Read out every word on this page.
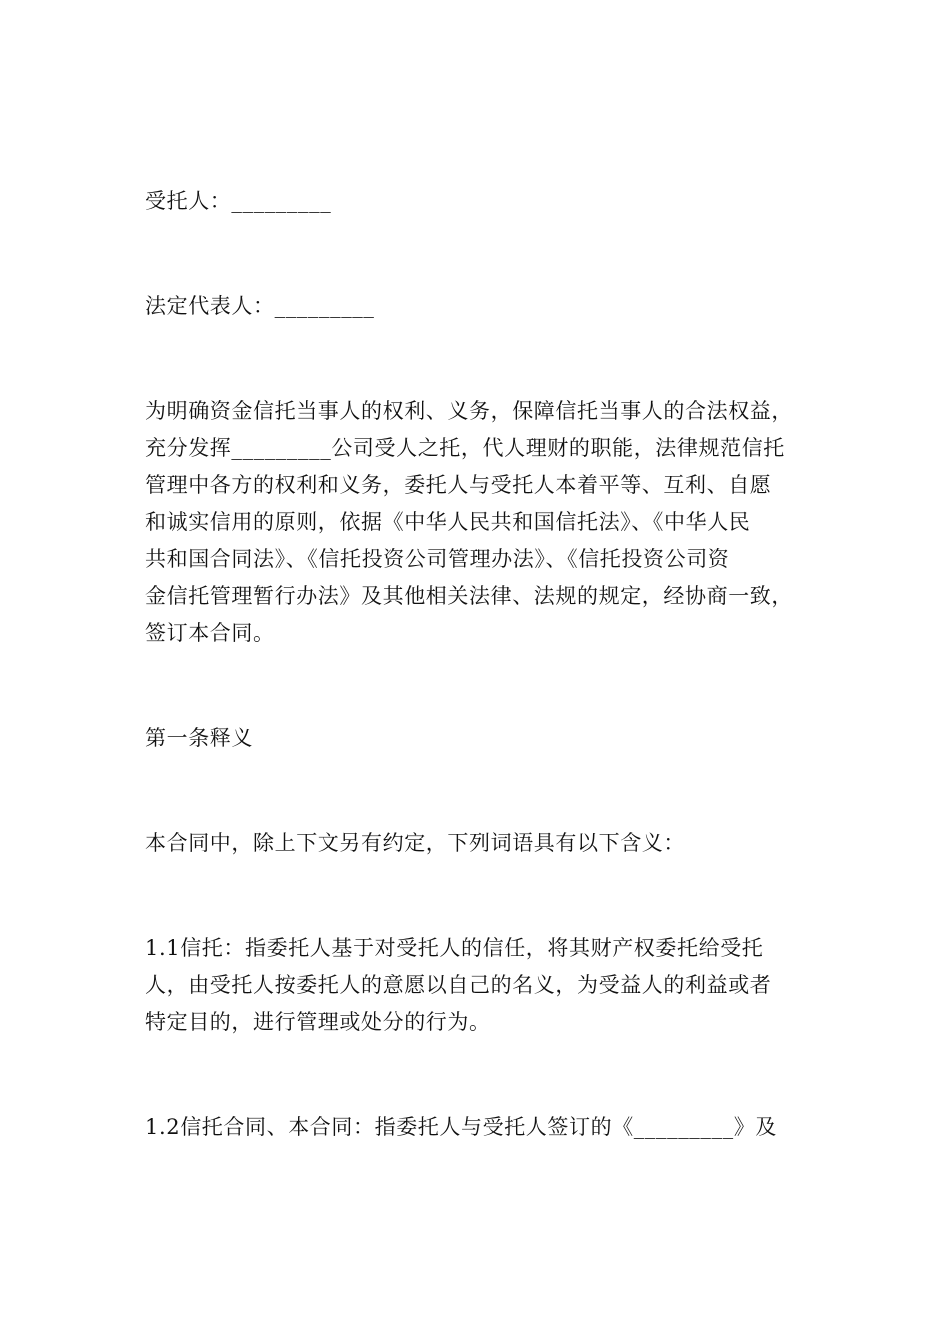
受托人：_________
法定代表人：_________
为明确资金信托当事人的权利、义务，保障信托当事人的合法权益，
充分发挥_________公司受人之托，代人理财的职能，法律规范信托
管理中各方的权利和义务，委托人与受托人本着平等、互利、自愿
和诚实信用的原则，依据《中华人民共和国信托法》、《中华人民
共和国合同法》、《信托投资公司管理办法》、《信托投资公司资
金信托管理暂行办法》及其他相关法律、法规的规定，经协商一致，
签订本合同。
第一条释义
本合同中，除上下文另有约定，下列词语具有以下含义：
1.1信托：指委托人基于对受托人的信任，将其财产权委托给受托
人，由受托人按委托人的意愿以自己的名义，为受益人的利益或者
特定目的，进行管理或处分的行为。
1.2信托合同、本合同：指委托人与受托人签订的《_________》及
